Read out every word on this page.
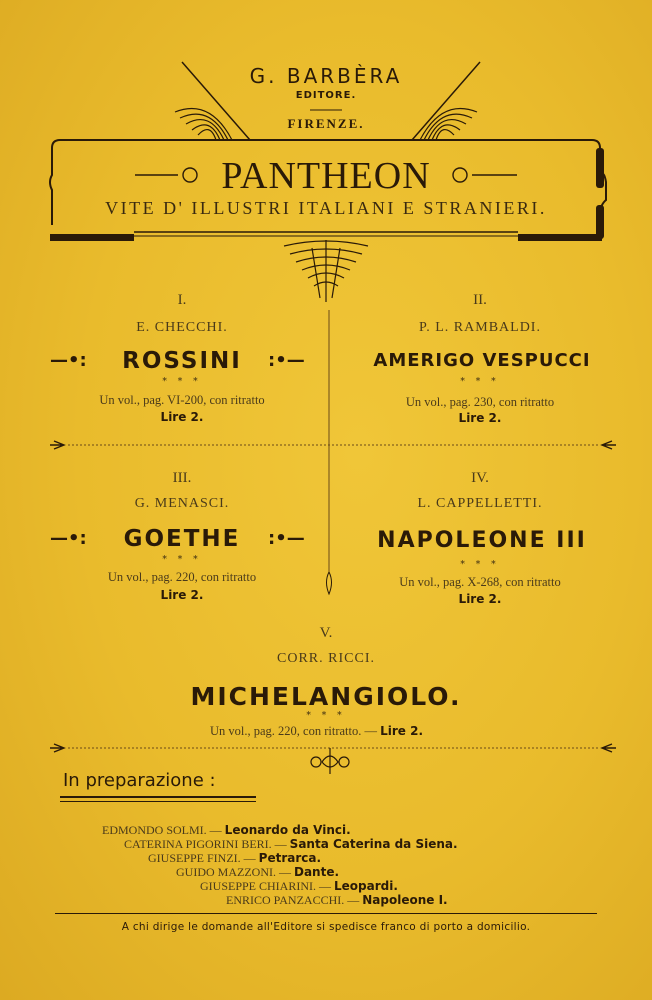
G. BARBÈRA
EDITORE.
FIRENZE.
PANTHEON
VITE D' ILLUSTRI ITALIANI E STRANIERI.
I.
E. CHECCHI.
—•:	ROSSINI	:•—
* * *
Un vol., pag. VI-200, con ritratto
Lire 2.
II.
P. L. RAMBALDI.
AMERIGO VESPUCCI
* * *
Un vol., pag. 230, con ritratto
Lire 2.
III.
G. MENASCI.
—•:	GOETHE	:•—
* * *
Un vol., pag. 220, con ritratto
Lire 2.
IV.
L. CAPPELLETTI.
NAPOLEONE III
* * *
Un vol., pag. X-268, con ritratto
Lire 2.
V.
CORR. RICCI.
MICHELANGIOLO.
* * *
Un vol., pag. 220, con ritratto. — Lire 2.
In preparazione :
EDMONDO SOLMI. — Leonardo da Vinci.
CATERINA PIGORINI BERI. — Santa Caterina da Siena.
GIUSEPPE FINZI. — Petrarca.
GUIDO MAZZONI. — Dante.
GIUSEPPE CHIARINI. — Leopardi.
ENRICO PANZACCHI. — Napoleone I.
A chi dirige le domande all'Editore si spedisce franco di porto a domicilio.
